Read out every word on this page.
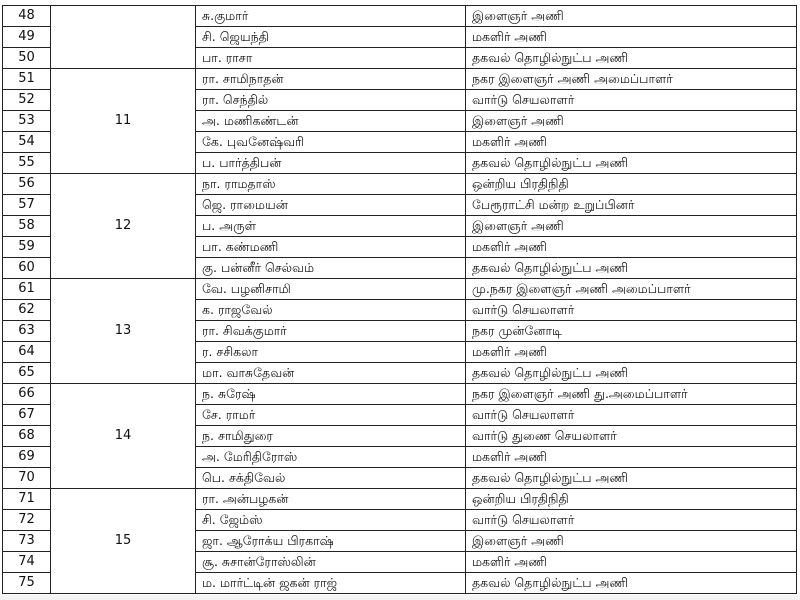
48		சு.குமார்	இளைஞர் அணி
49		சி. ஜெயந்தி	மகளிர் அணி
50		பா. ராசா	தகவல் தொழில்நுட்ப அணி
51	11	ரா. சாமிநாதன்	நகர இளைஞர் அணி அமைப்பாளர்
52		ரா. செந்தில்	வார்டு செயலாளர்
53		அ. மணிகண்டன்	இளைஞர் அணி
54		கே. புவனேஷ்வரி	மகளிர் அணி
55		ப. பார்த்திபன்	தகவல் தொழில்நுட்ப அணி
56	12	நா. ராமதாஸ்	ஒன்றிய பிரதிநிதி
57		ஜெ. ராமையன்	பேரூராட்சி மன்ற உறுப்பினர்
58		ப. அருள்	இளைஞர் அணி
59		பா. கண்மணி	மகளிர் அணி
60		கு. பன்னீர் செல்வம்	தகவல் தொழில்நுட்ப அணி
61	13	வே. பழனிசாமி	மு.நகர இளைஞர் அணி அமைப்பாளர்
62		க. ராஜவேல்	வார்டு செயலாளர்
63		ரா. சிவக்குமார்	நகர முன்னோடி
64		ர. சசிகலா	மகளிர் அணி
65		மா. வாசுதேவன்	தகவல் தொழில்நுட்ப அணி
66	14	ந. சுரேஷ்	நகர இளைஞர் அணி து.அமைப்பாளர்
67		சே. ராமர்	வார்டு செயலாளர்
68		ந. சாமிதுரை	வார்டு துணை செயலாளர்
69		அ. மேரிதிரோஸ்	மகளிர் அணி
70		பெ. சக்திவேல்	தகவல் தொழில்நுட்ப அணி
71	15	ரா. அன்பழகன்	ஒன்றிய பிரதிநிதி
72		சி. ஜேம்ஸ்	வார்டு செயலாளர்
73		ஜா. ஆரோக்ய பிரகாஷ்	இளைஞர் அணி
74		சூ. சுசான்ரோஸ்லின்	மகளிர் அணி
75		ம. மார்ட்டின் ஜகன் ராஜ்	தகவல் தொழில்நுட்ப அணி
